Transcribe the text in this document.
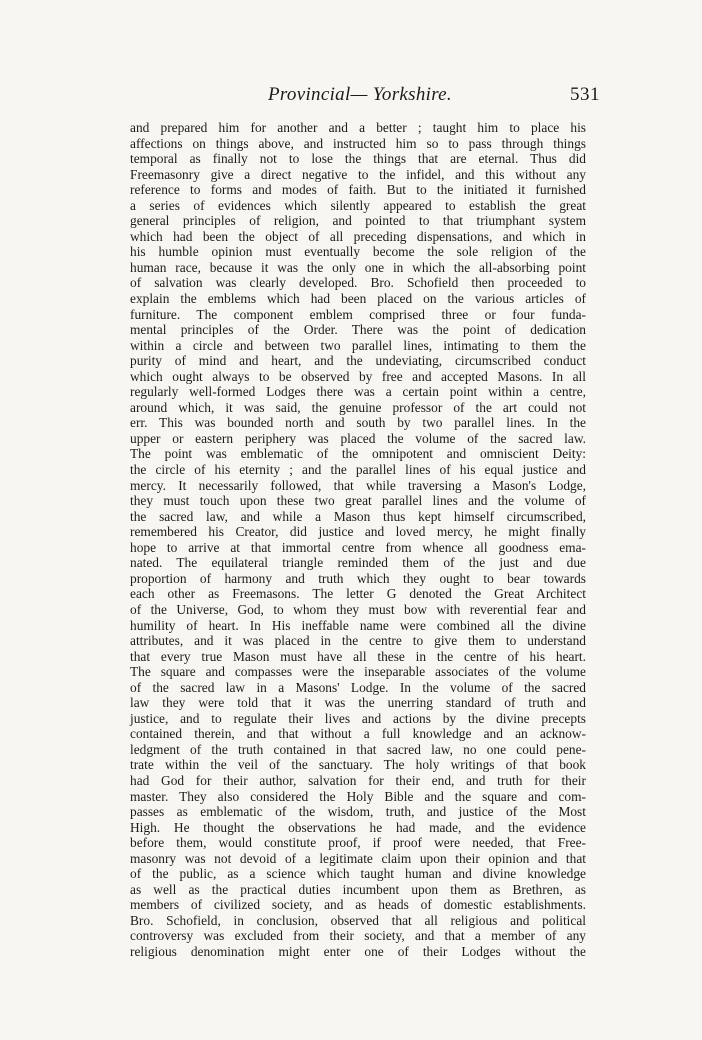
Provincial— Yorkshire.	531
and prepared him for another and a better ; taught him to place his
affections on things above, and instructed him so to pass through things
temporal as finally not to lose the things that are eternal. Thus did
Freemasonry give a direct negative to the infidel, and this without any
reference to forms and modes of faith. But to the initiated it furnished
a series of evidences which silently appeared to establish the great
general principles of religion, and pointed to that triumphant system
which had been the object of all preceding dispensations, and which in
his humble opinion must eventually become the sole religion of the
human race, because it was the only one in which the all-absorbing point
of salvation was clearly developed. Bro. Schofield then proceeded to
explain the emblems which had been placed on the various articles of
furniture. The component emblem comprised three or four funda-
mental principles of the Order. There was the point of dedication
within a circle and between two parallel lines, intimating to them the
purity of mind and heart, and the undeviating, circumscribed conduct
which ought always to be observed by free and accepted Masons. In all
regularly well-formed Lodges there was a certain point within a centre,
around which, it was said, the genuine professor of the art could not
err. This was bounded north and south by two parallel lines. In the
upper or eastern periphery was placed the volume of the sacred law.
The point was emblematic of the omnipotent and omniscient Deity:
the circle of his eternity ; and the parallel lines of his equal justice and
mercy. It necessarily followed, that while traversing a Mason's Lodge,
they must touch upon these two great parallel lines and the volume of
the sacred law, and while a Mason thus kept himself circumscribed,
remembered his Creator, did justice and loved mercy, he might finally
hope to arrive at that immortal centre from whence all goodness ema-
nated. The equilateral triangle reminded them of the just and due
proportion of harmony and truth which they ought to bear towards
each other as Freemasons. The letter G denoted the Great Architect
of the Universe, God, to whom they must bow with reverential fear and
humility of heart. In His ineffable name were combined all the divine
attributes, and it was placed in the centre to give them to understand
that every true Mason must have all these in the centre of his heart.
The square and compasses were the inseparable associates of the volume
of the sacred law in a Masons' Lodge. In the volume of the sacred
law they were told that it was the unerring standard of truth and
justice, and to regulate their lives and actions by the divine precepts
contained therein, and that without a full knowledge and an acknow-
ledgment of the truth contained in that sacred law, no one could pene-
trate within the veil of the sanctuary. The holy writings of that book
had God for their author, salvation for their end, and truth for their
master. They also considered the Holy Bible and the square and com-
passes as emblematic of the wisdom, truth, and justice of the Most
High. He thought the observations he had made, and the evidence
before them, would constitute proof, if proof were needed, that Free-
masonry was not devoid of a legitimate claim upon their opinion and that
of the public, as a science which taught human and divine knowledge
as well as the practical duties incumbent upon them as Brethren, as
members of civilized society, and as heads of domestic establishments.
Bro. Schofield, in conclusion, observed that all religious and political
controversy was excluded from their society, and that a member of any
religious denomination might enter one of their Lodges without the
